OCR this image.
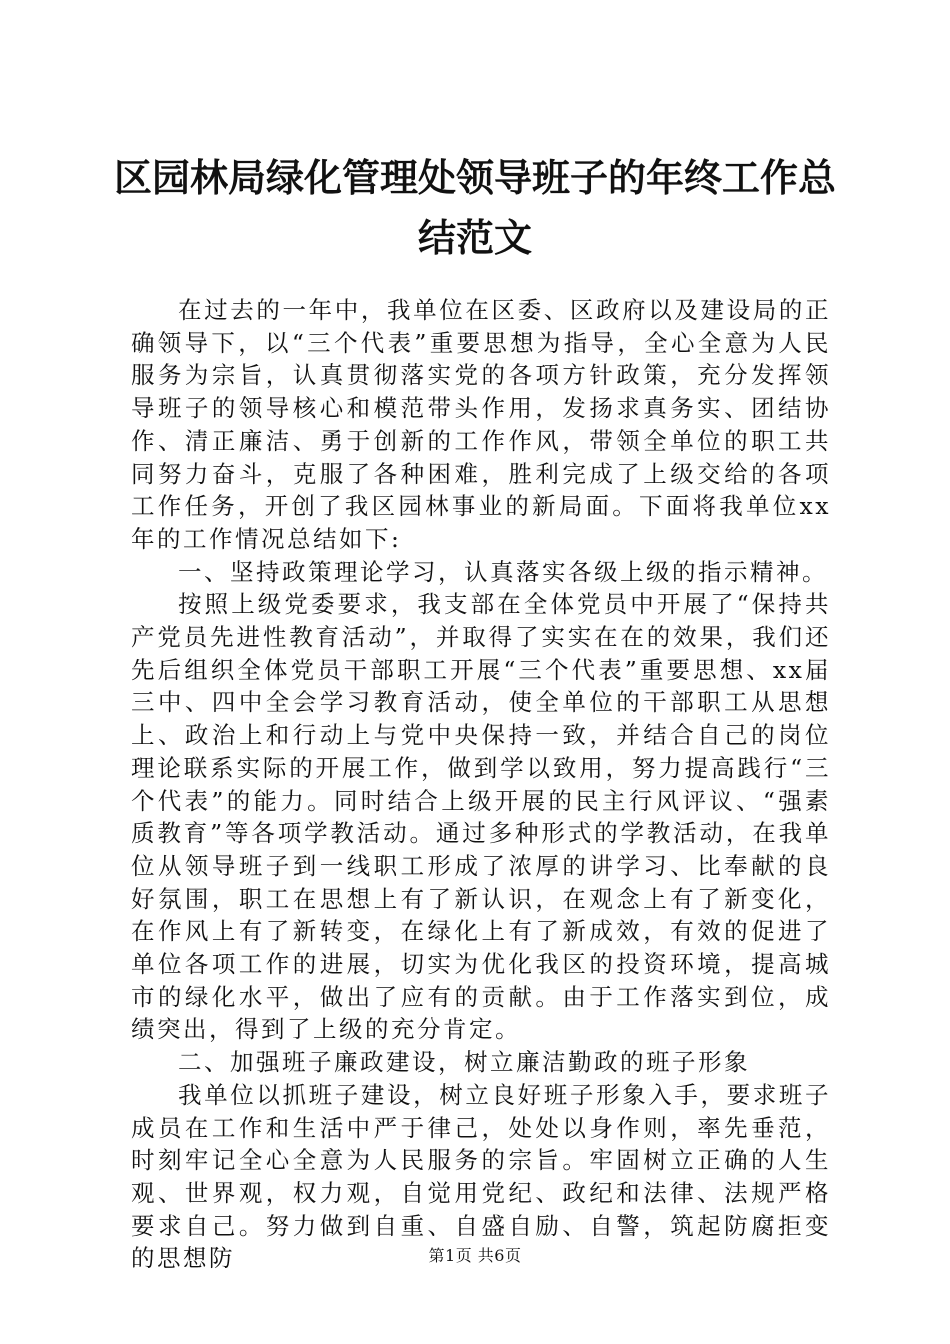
区园林局绿化管理处领导班子的年终工作总结范文

在过去的一年中，我单位在区委、区政府以及建设局的正确领导下，以“三个代表”重要思想为指导，全心全意为人民服务为宗旨，认真贯彻落实党的各项方针政策，充分发挥领导班子的领导核心和模范带头作用，发扬求真务实、团结协作、清正廉洁、勇于创新的工作作风，带领全单位的职工共同努力奋斗，克服了各种困难，胜利完成了上级交给的各项工作任务，开创了我区园林事业的新局面。下面将我单位xx年的工作情况总结如下:

一、坚持政策理论学习，认真落实各级上级的指示精神。

按照上级党委要求，我支部在全体党员中开展了“保持共产党员先进性教育活动”，并取得了实实在在的效果，我们还先后组织全体党员干部职工开展“三个代表”重要思想、xx届三中、四中全会学习教育活动，使全单位的干部职工从思想上、政治上和行动上与党中央保持一致，并结合自己的岗位理论联系实际的开展工作，做到学以致用，努力提高践行“三个代表”的能力。同时结合上级开展的民主行风评议、“强素质教育”等各项学教活动。通过多种形式的学教活动，在我单位从领导班子到一线职工形成了浓厚的讲学习、比奉献的良好氛围，职工在思想上有了新认识，在观念上有了新变化，在作风上有了新转变，在绿化上有了新成效，有效的促进了单位各项工作的进展，切实为优化我区的投资环境，提高城市的绿化水平，做出了应有的贡献。由于工作落实到位，成绩突出，得到了上级的充分肯定。

二、加强班子廉政建设，树立廉洁勤政的班子形象

我单位以抓班子建设，树立良好班子形象入手，要求班子成员在工作和生活中严于律己，处处以身作则，率先垂范，时刻牢记全心全意为人民服务的宗旨。牢固树立正确的人生观、世界观，权力观，自觉用党纪、政纪和法律、法规严格要求自己。努力做到自重、自盛自励、自警，筑起防腐拒变的思想防	第1页 共6页
